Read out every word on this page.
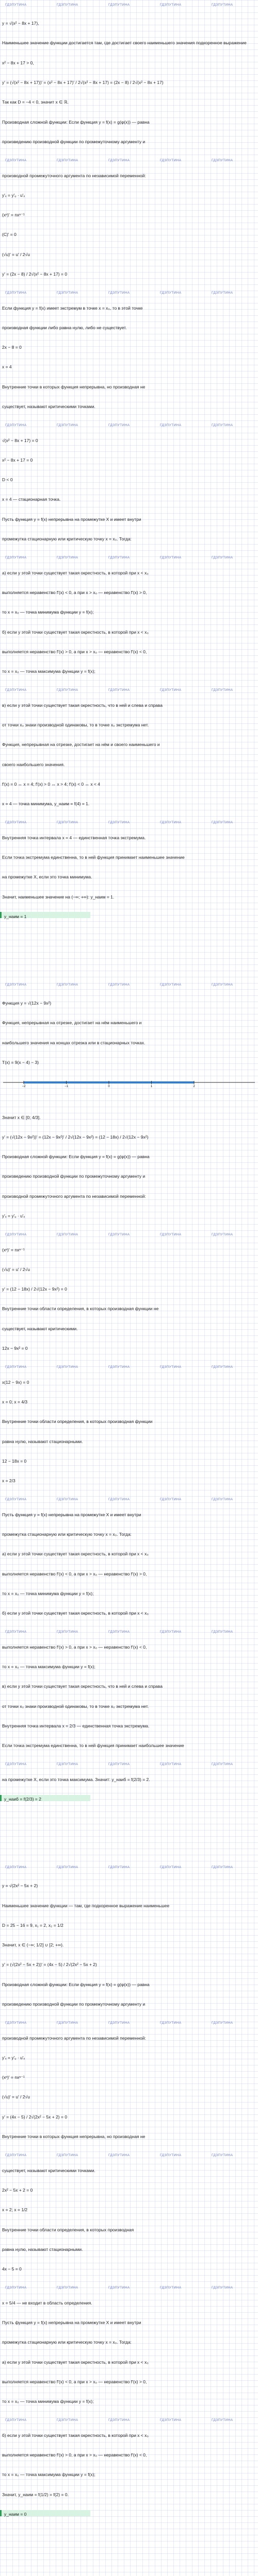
ГДЗПУТИНА	ГДЗПУТИНА	ГДЗПУТИНА	ГДЗПУТИНА	ГДЗПУТИНА
y = √(x² − 8x + 17),
Наименьшее значение функции достигается там, где достигает своего наименьшего значения подкоренное выражение
x² − 8x + 17 > 0,
y' = (√(x² − 8x + 17))' = (x² − 8x + 17)' / 2√(x² − 8x + 17) = (2x − 8) / 2√(x² − 8x + 17)
Так как D = −4 < 0, значит x ∈ ℝ.
Производная сложной функции: Если функция y = f(x) = g(φ(x)) — равна
произведению производной функции по промежуточному аргументу и
ГДЗПУТИНА	ГДЗПУТИНА	ГДЗПУТИНА	ГДЗПУТИНА	ГДЗПУТИНА
производной промежуточного аргумента по независимой переменной:
y'ₓ = y'ᵤ · u'ₓ
(xⁿ)' = nxⁿ⁻¹
(C)' = 0
(√u)' = u' / 2√u
y' = (2x − 8) / 2√(x² − 8x + 17) = 0
ГДЗПУТИНА	ГДЗПУТИНА	ГДЗПУТИНА	ГДЗПУТИНА	ГДЗПУТИНА
Если функция y = f(x) имеет экстремум в точке x = x₀, то в этой точке
производная функции либо равна нулю, либо не существует.
2x − 8 = 0
x = 4
Внутренние точки в которых функция непрерывна, но производная не
существует, называют критическими точками.
ГДЗПУТИНА	ГДЗПУТИНА	ГДЗПУТИНА	ГДЗПУТИНА	ГДЗПУТИНА
√(x² − 8x + 17) = 0
x² − 8x + 17 = 0
D < 0
x = 4 — стационарная точка.
Пусть функция y = f(x) непрерывна на промежутке X и имеет внутри
промежутка стационарную или критическую точку x = x₀. Тогда:
ГДЗПУТИНА	ГДЗПУТИНА	ГДЗПУТИНА	ГДЗПУТИНА	ГДЗПУТИНА
а) если у этой точки существует такая окрестность, в которой при x < x₀
выполняется неравенство f'(x) < 0, а при x > x₀ — неравенство f'(x) > 0,
то x = x₀ — точка минимума функции y = f(x);
б) если у этой точки существует такая окрестность, в которой при x < x₀
выполняется неравенство f'(x) > 0, а при x > x₀ — неравенство f'(x) < 0,
то x = x₀ — точка максимума функции y = f(x);
ГДЗПУТИНА	ГДЗПУТИНА	ГДЗПУТИНА	ГДЗПУТИНА	ГДЗПУТИНА
в) если у этой точки существует такая окрестность, что в ней и слева и справа
от точки x₀ знаки производной одинаковы, то в точке x₀ экстремума нет.
Функция, непрерывная на отрезке, достигает на нём и своего наименьшего и
своего наибольшего значения.
f'(x) = 0 ↔ x = 4; f'(x) > 0 ↔ x > 4; f'(x) < 0 ↔ x < 4
x = 4 — точка минимума, y_наим = f(4) = 1.
ГДЗПУТИНА	ГДЗПУТИНА	ГДЗПУТИНА	ГДЗПУТИНА	ГДЗПУТИНА
Внутренняя точка интервала x = 4 — единственная точка экстремума.
Если точка экстремума единственна, то в ней функция принимает наименьшее значение
на промежутке X, если это точка минимума.
Значит, наименьшее значение на (−∞; +∞): y_наим = 1.
y_наим = 1
ГДЗПУТИНА	ГДЗПУТИНА	ГДЗПУТИНА	ГДЗПУТИНА	ГДЗПУТИНА
Функция y = √(12x − 9x²)
Функция, непрерывная на отрезке, достигает на нём наименьшего и
наибольшего значения на концах отрезка или в стационарных точках.
T(x) = 9(x − 4) − 3)
−2	−1	0	1	2
Значит x ∈ [0; 4/3].
y' = (√(12x − 9x²))' = (12x − 9x²)' / 2√(12x − 9x²) = (12 − 18x) / 2√(12x − 9x²)
Производная сложной функции: Если функция y = f(x) = g(φ(x)) — равна
произведению производной функции по промежуточному аргументу и
производной промежуточного аргумента по независимой переменной:
y'ₓ = y'ᵤ · u'ₓ
ГДЗПУТИНА	ГДЗПУТИНА	ГДЗПУТИНА	ГДЗПУТИНА	ГДЗПУТИНА
(xⁿ)' = nxⁿ⁻¹
(√u)' = u' / 2√u
y' = (12 − 18x) / 2√(12x − 9x²) = 0
Внутренние точки области определения, в которых производная функции не
существует, называют критическими.
12x − 9x² = 0
ГДЗПУТИНА	ГДЗПУТИНА	ГДЗПУТИНА	ГДЗПУТИНА	ГДЗПУТИНА
x(12 − 9x) = 0
x = 0; x = 4/3
Внутренние точки области определения, в которых производная функции
равна нулю, называют стационарными.
12 − 18x = 0
x = 2/3
ГДЗПУТИНА	ГДЗПУТИНА	ГДЗПУТИНА	ГДЗПУТИНА	ГДЗПУТИНА
Пусть функция y = f(x) непрерывна на промежутке X и имеет внутри
промежутка стационарную или критическую точку x = x₀. Тогда:
а) если у этой точки существует такая окрестность, в которой при x < x₀
выполняется неравенство f'(x) < 0, а при x > x₀ — неравенство f'(x) > 0,
то x = x₀ — точка минимума функции y = f(x);
б) если у этой точки существует такая окрестность, в которой при x < x₀
ГДЗПУТИНА	ГДЗПУТИНА	ГДЗПУТИНА	ГДЗПУТИНА	ГДЗПУТИНА
выполняется неравенство f'(x) > 0, а при x > x₀ — неравенство f'(x) < 0,
то x = x₀ — точка максимума функции y = f(x);
в) если у этой точки существует такая окрестность, что в ней и слева и справа
от точки x₀ знаки производной одинаковы, то в точке x₀ экстремума нет.
Внутренняя точка интервала x = 2/3 — единственная точка экстремума.
Если точка экстремума единственна, то в ней функция принимает наибольшее значение
ГДЗПУТИНА	ГДЗПУТИНА	ГДЗПУТИНА	ГДЗПУТИНА	ГДЗПУТИНА
на промежутке X, если это точка максимума. Значит: y_наиб = f(2/3) = 2.
y_наиб = f(2/3) = 2
ГДЗПУТИНА	ГДЗПУТИНА	ГДЗПУТИНА	ГДЗПУТИНА	ГДЗПУТИНА
y = √(2x² − 5x + 2)
Наименьшее значение функции — там, где подкоренное выражение наименьшее
D = 25 − 16 = 9, x₁ = 2, x₂ = 1/2
Значит, x ∈ (−∞; 1/2] ∪ [2; +∞).
y' = (√(2x² − 5x + 2))' = (4x − 5) / 2√(2x² − 5x + 2)
Производная сложной функции: Если функция y = f(x) = g(φ(x)) — равна
произведению производной функции по промежуточному аргументу и
ГДЗПУТИНА	ГДЗПУТИНА	ГДЗПУТИНА	ГДЗПУТИНА	ГДЗПУТИНА
производной промежуточного аргумента по независимой переменной:
y'ₓ = y'ᵤ · u'ₓ
(xⁿ)' = nxⁿ⁻¹
(√u)' = u' / 2√u
y' = (4x − 5) / 2√(2x² − 5x + 2) = 0
Внутренние точки в которых функция непрерывна, но производная не
ГДЗПУТИНА	ГДЗПУТИНА	ГДЗПУТИНА	ГДЗПУТИНА	ГДЗПУТИНА
существует, называют критическими точками.
2x² − 5x + 2 = 0
x = 2; x = 1/2
Внутренние точки области определения, в которых производная
равна нулю, называют стационарными.
4x − 5 = 0
ГДЗПУТИНА	ГДЗПУТИНА	ГДЗПУТИНА	ГДЗПУТИНА	ГДЗПУТИНА
x = 5/4 — не входит в область определения.
Пусть функция y = f(x) непрерывна на промежутке X и имеет внутри
промежутка стационарную или критическую точку x = x₀. Тогда:
а) если у этой точки существует такая окрестность, в которой при x < x₀
выполняется неравенство f'(x) < 0, а при x > x₀ — неравенство f'(x) > 0,
то x = x₀ — точка минимума функции y = f(x);
ГДЗПУТИНА	ГДЗПУТИНА	ГДЗПУТИНА	ГДЗПУТИНА	ГДЗПУТИНА
б) если у этой точки существует такая окрестность, в которой при x < x₀
выполняется неравенство f'(x) > 0, а при x > x₀ — неравенство f'(x) < 0,
то x = x₀ — точка максимума функции y = f(x);
Значит, y_наим = f(1/2) = f(2) = 0.
y_наим = 0
